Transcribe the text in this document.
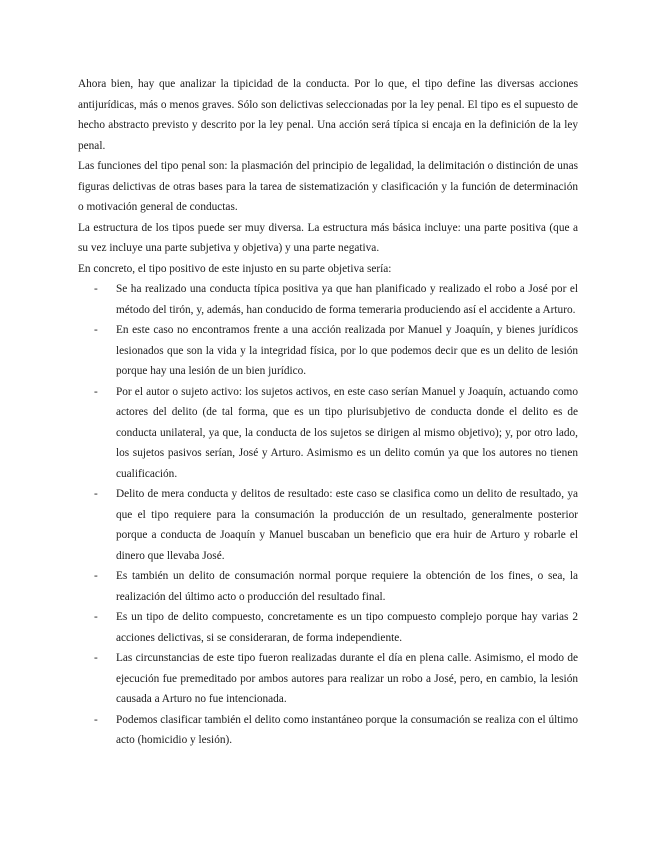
Ahora bien, hay que analizar la tipicidad de la conducta. Por lo que, el tipo define las diversas acciones antijurídicas, más o menos graves. Sólo son delictivas seleccionadas por la ley penal. El tipo es el supuesto de hecho abstracto previsto y descrito por la ley penal. Una acción será típica si encaja en la definición de la ley penal.

Las funciones del tipo penal son: la plasmación del principio de legalidad, la delimitación o distinción de unas figuras delictivas de otras bases para la tarea de sistematización y clasificación y la función de determinación o motivación general de conductas.

La estructura de los tipos puede ser muy diversa. La estructura más básica incluye: una parte positiva (que a su vez incluye una parte subjetiva y objetiva) y una parte negativa.

En concreto, el tipo positivo de este injusto en su parte objetiva sería:

- Se ha realizado una conducta típica positiva ya que han planificado y realizado el robo a José por el método del tirón, y, además, han conducido de forma temeraria produciendo así el accidente a Arturo.
- En este caso no encontramos frente a una acción realizada por Manuel y Joaquín, y bienes jurídicos lesionados que son la vida y la integridad física, por lo que podemos decir que es un delito de lesión porque hay una lesión de un bien jurídico.
- Por el autor o sujeto activo: los sujetos activos, en este caso serían Manuel y Joaquín, actuando como actores del delito (de tal forma, que es un tipo plurisubjetivo de conducta donde el delito es de conducta unilateral, ya que, la conducta de los sujetos se dirigen al mismo objetivo); y, por otro lado, los sujetos pasivos serían, José y Arturo. Asimismo es un delito común ya que los autores no tienen cualificación.
- Delito de mera conducta y delitos de resultado: este caso se clasifica como un delito de resultado, ya que el tipo requiere para la consumación la producción de un resultado, generalmente posterior porque a conducta de Joaquín y Manuel buscaban un beneficio que era huir de Arturo y robarle el dinero que llevaba José.
- Es también un delito de consumación normal porque requiere la obtención de los fines, o sea, la realización del último acto o producción del resultado final.
- Es un tipo de delito compuesto, concretamente es un tipo compuesto complejo porque hay varias 2 acciones delictivas, si se consideraran, de forma independiente.
- Las circunstancias de este tipo fueron realizadas durante el día en plena calle. Asimismo, el modo de ejecución fue premeditado por ambos autores para realizar un robo a José, pero, en cambio, la lesión causada a Arturo no fue intencionada.
- Podemos clasificar también el delito como instantáneo porque la consumación se realiza con el último acto (homicidio y lesión).
